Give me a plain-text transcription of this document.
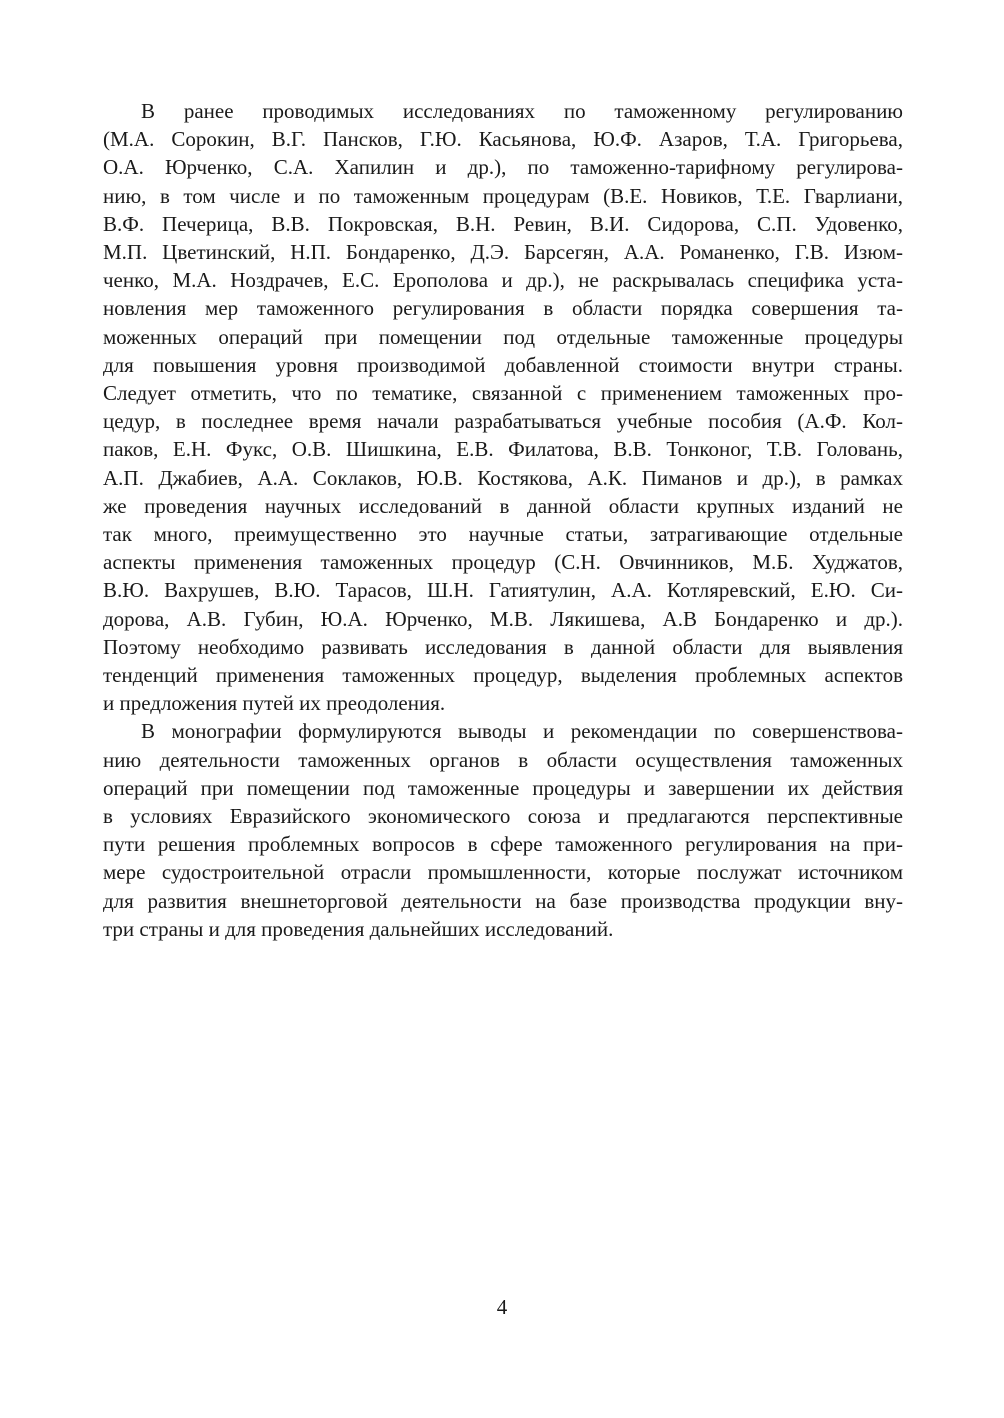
В ранее проводимых исследованиях по таможенному регулированию
(М.А. Сорокин, В.Г. Пансков, Г.Ю. Касьянова, Ю.Ф. Азаров, Т.А. Григорьева,
О.А. Юрченко, С.А. Хапилин и др.), по таможенно-тарифному регулирова-
нию, в том числе и по таможенным процедурам (В.Е. Новиков, Т.Е. Гварлиани,
В.Ф. Печерица, В.В. Покровская, В.Н. Ревин, В.И. Сидорова, С.П. Удовенко,
М.П. Цветинский, Н.П. Бондаренко, Д.Э. Барсегян, А.А. Романенко, Г.В. Изюм-
ченко, М.А. Ноздрачев, Е.С. Ерополова и др.), не раскрывалась специфика уста-
новления мер таможенного регулирования в области порядка совершения та-
моженных операций при помещении под отдельные таможенные процедуры
для повышения уровня производимой добавленной стоимости внутри страны.
Следует отметить, что по тематике, связанной с применением таможенных про-
цедур, в последнее время начали разрабатываться учебные пособия (А.Ф. Кол-
паков, Е.Н. Фукс, О.В. Шишкина, Е.В. Филатова, В.В. Тонконог, Т.В. Головань,
А.П. Джабиев, А.А. Соклаков, Ю.В. Костякова, А.К. Пиманов и др.), в рамках
же проведения научных исследований в данной области крупных изданий не
так много, преимущественно это научные статьи, затрагивающие отдельные
аспекты применения таможенных процедур (С.Н. Овчинников, М.Б. Худжатов,
В.Ю. Вахрушев, В.Ю. Тарасов, Ш.Н. Гатиятулин, А.А. Котляревский, Е.Ю. Си-
дорова, А.В. Губин, Ю.А. Юрченко, М.В. Лякишева, А.В Бондаренко и др.).
Поэтому необходимо развивать исследования в данной области для выявления
тенденций применения таможенных процедур, выделения проблемных аспектов
и предложения путей их преодоления.
В монографии формулируются выводы и рекомендации по совершенствова-
нию деятельности таможенных органов в области осуществления таможенных
операций при помещении под таможенные процедуры и завершении их действия
в условиях Евразийского экономического союза и предлагаются перспективные
пути решения проблемных вопросов в сфере таможенного регулирования на при-
мере судостроительной отрасли промышленности, которые послужат источником
для развития внешнеторговой деятельности на базе производства продукции вну-
три страны и для проведения дальнейших исследований.
4
